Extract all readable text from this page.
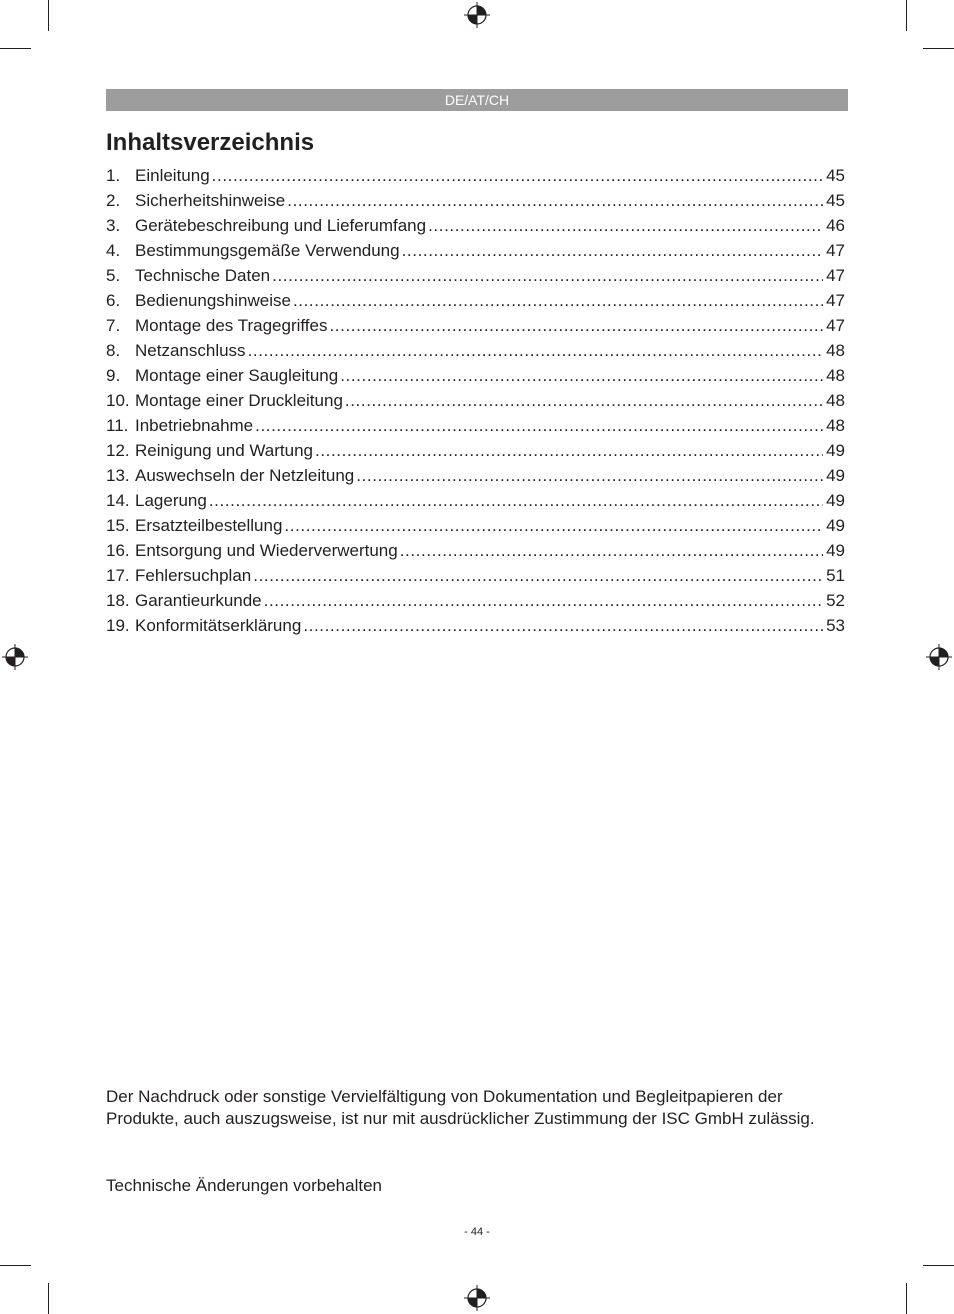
DE/AT/CH
Inhaltsverzeichnis
1. Einleitung .....	45
2. Sicherheitshinweise .....	45
3. Gerätebeschreibung und Lieferumfang .....	46
4. Bestimmungsgemäße Verwendung .....	47
5. Technische Daten .....	47
6. Bedienungshinweise .....	47
7. Montage des Tragegriffes .....	47
8. Netzanschluss .....	48
9. Montage einer Saugleitung .....	48
10. Montage einer Druckleitung .....	48
11. Inbetriebnahme .....	48
12. Reinigung und Wartung .....	49
13. Auswechseln der Netzleitung .....	49
14. Lagerung .....	49
15. Ersatzteilbestellung .....	49
16. Entsorgung und Wiederverwertung .....	49
17. Fehlersuchplan .....	51
18. Garantieurkunde .....	52
19. Konformitätserklärung .....	53

Der Nachdruck oder sonstige Vervielfältigung von Dokumentation und Begleitpapieren der Produkte, auch auszugsweise, ist nur mit ausdrücklicher Zustimmung der ISC GmbH zulässig.

Technische Änderungen vorbehalten

- 44 -
